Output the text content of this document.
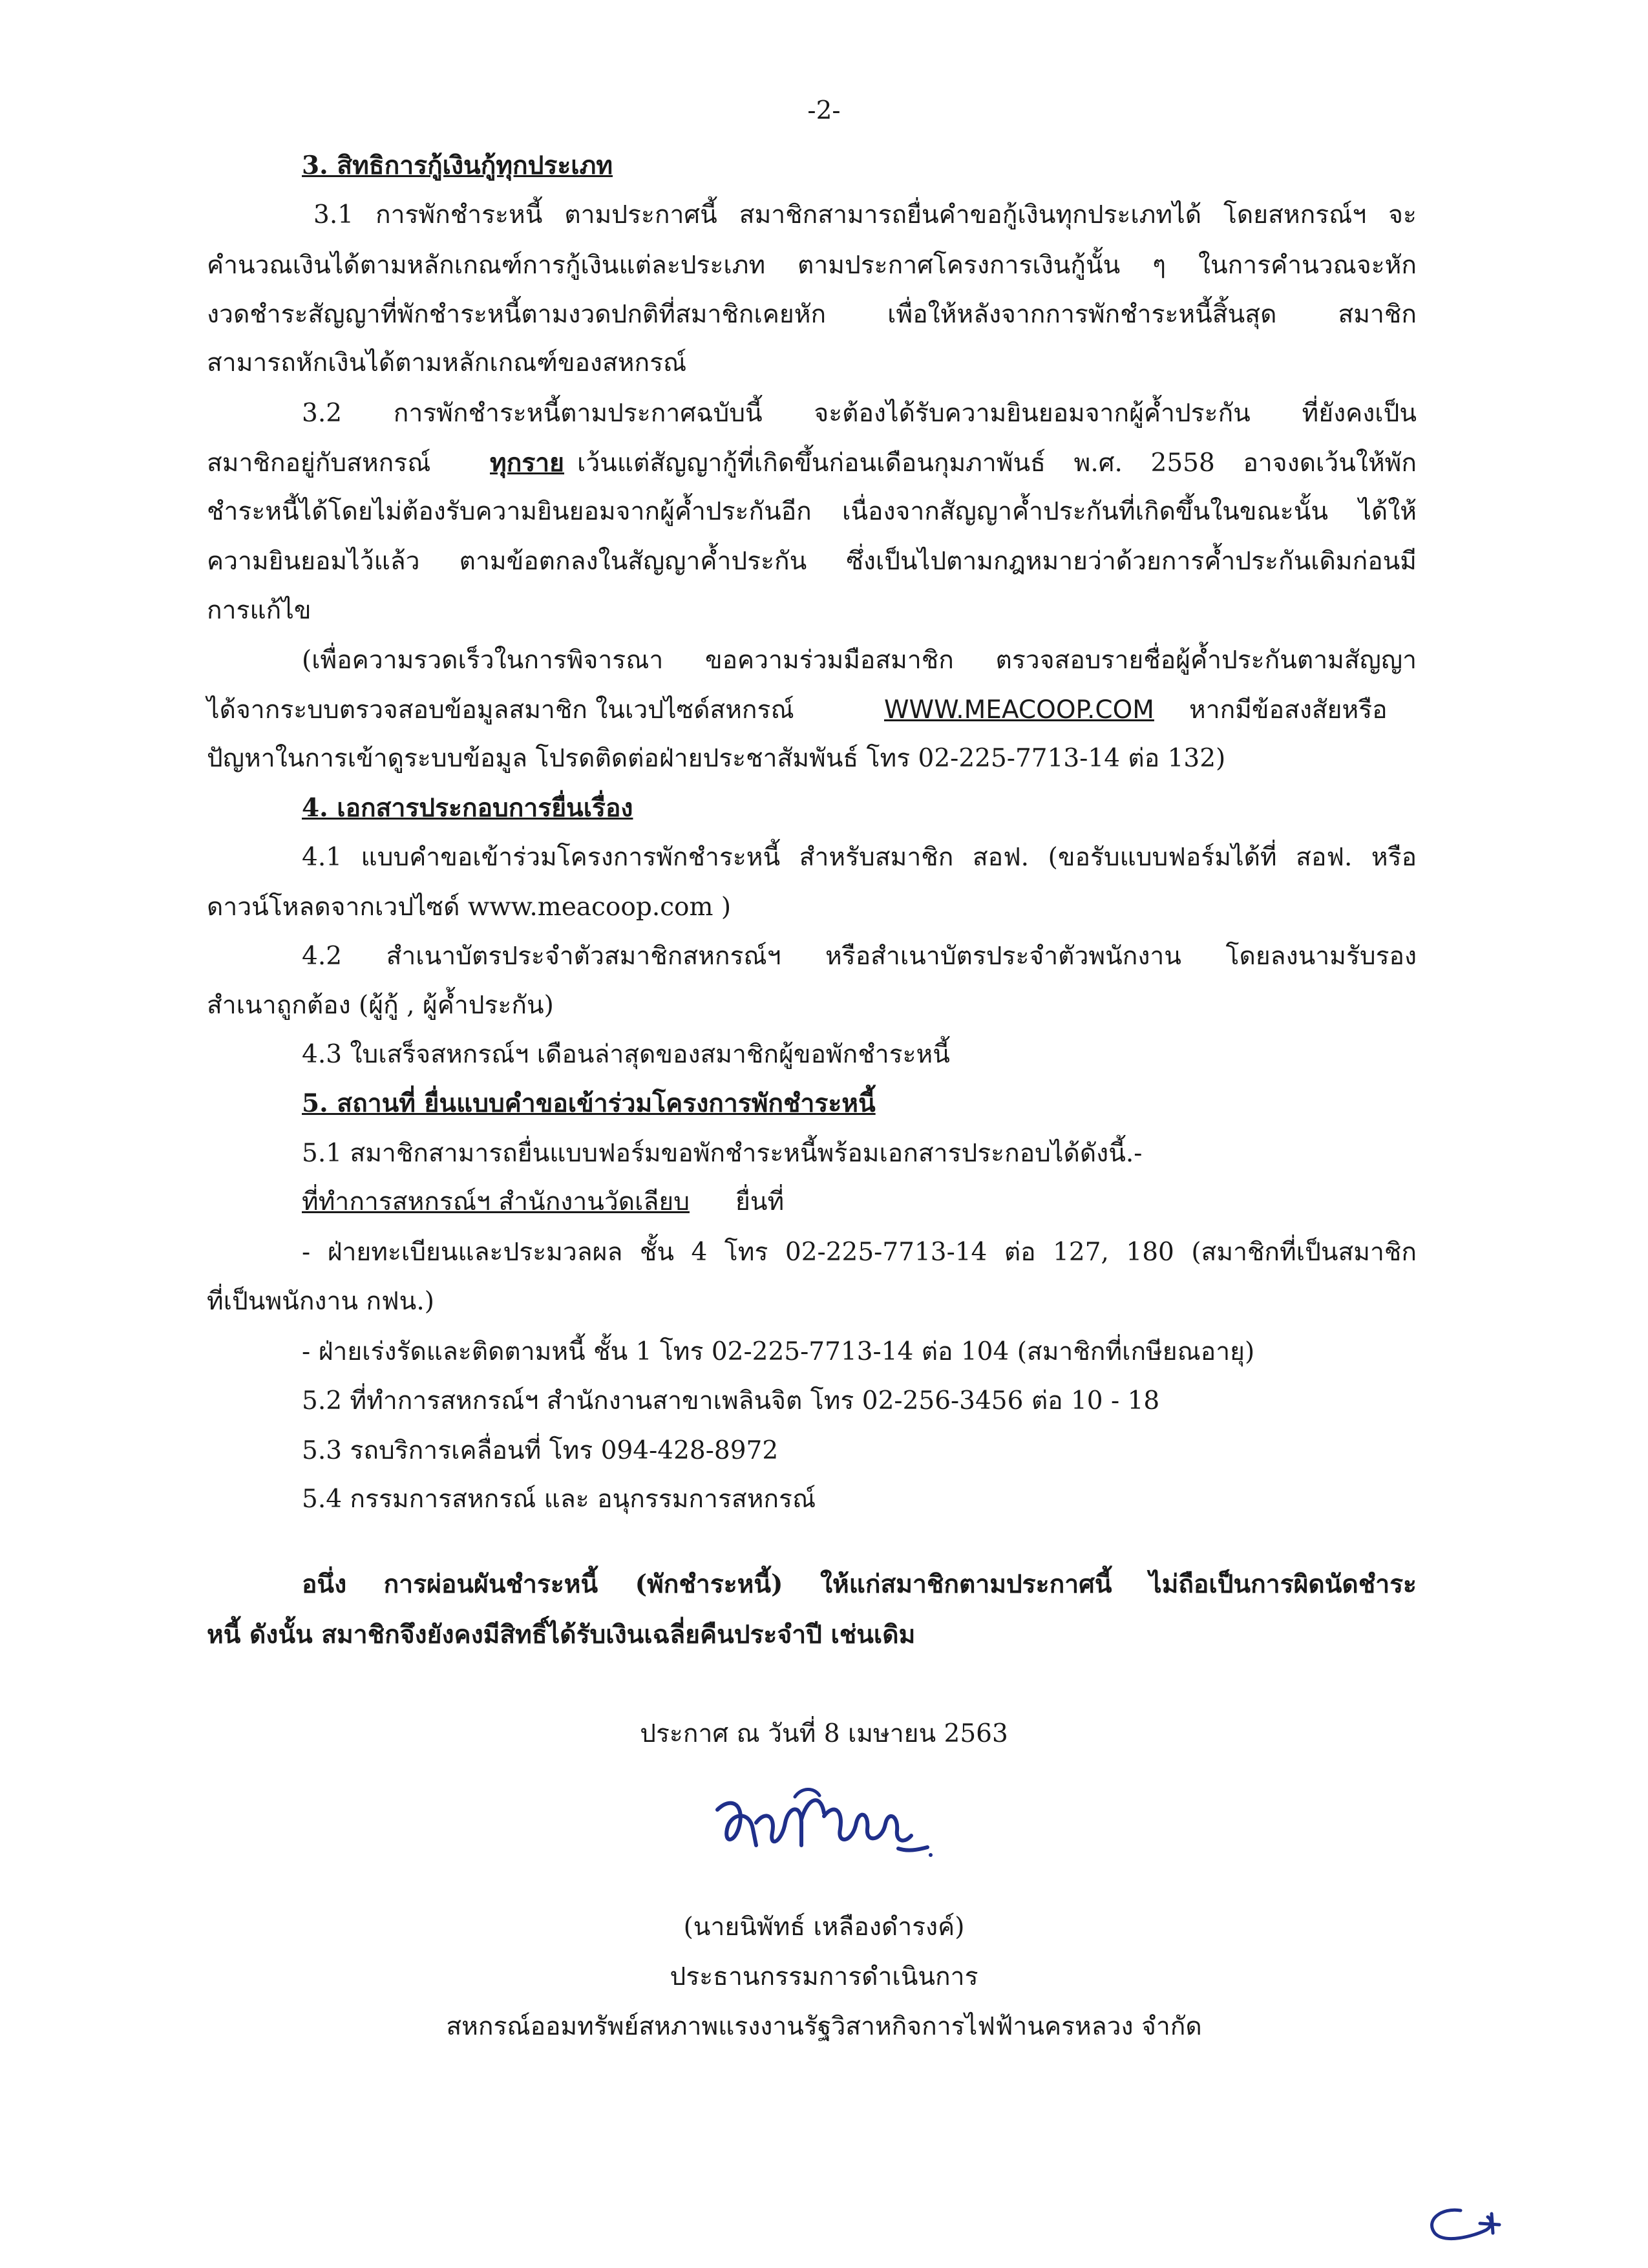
-2-
3. สิทธิการกู้เงินกู้ทุกประเภท
3.1 การพักชำระหนี้ ตามประกาศนี้ สมาชิกสามารถยื่นคำขอกู้เงินทุกประเภทได้ โดยสหกรณ์ฯ จะ
คำนวณเงินได้ตามหลักเกณฑ์การกู้เงินแต่ละประเภท ตามประกาศโครงการเงินกู้นั้น ๆ ในการคำนวณจะหัก
งวดชำระสัญญาที่พักชำระหนี้ตามงวดปกติที่สมาชิกเคยหัก เพื่อให้หลังจากการพักชำระหนี้สิ้นสุด สมาชิก
สามารถหักเงินได้ตามหลักเกณฑ์ของสหกรณ์
3.2 การพักชำระหนี้ตามประกาศฉบับนี้ จะต้องได้รับความยินยอมจากผู้ค้ำประกัน ที่ยังคงเป็น
สมาชิกอยู่กับสหกรณ์ ทุกราย เว้นแต่สัญญากู้ที่เกิดขึ้นก่อนเดือนกุมภาพันธ์ พ.ศ. 2558 อาจงดเว้นให้พัก
ชำระหนี้ได้โดยไม่ต้องรับความยินยอมจากผู้ค้ำประกันอีก เนื่องจากสัญญาค้ำประกันที่เกิดขึ้นในขณะนั้น ได้ให้
ความยินยอมไว้แล้ว ตามข้อตกลงในสัญญาค้ำประกัน ซึ่งเป็นไปตามกฎหมายว่าด้วยการค้ำประกันเดิมก่อนมี
การแก้ไข
(เพื่อความรวดเร็วในการพิจารณา ขอความร่วมมือสมาชิก ตรวจสอบรายชื่อผู้ค้ำประกันตามสัญญา
ได้จากระบบตรวจสอบข้อมูลสมาชิก ในเวปไซด์สหกรณ์	WWW.MEACOOP.COM หากมีข้อสงสัยหรือ
ปัญหาในการเข้าดูระบบข้อมูล โปรดติดต่อฝ่ายประชาสัมพันธ์ โทร 02-225-7713-14 ต่อ 132)
4. เอกสารประกอบการยื่นเรื่อง
4.1 แบบคำขอเข้าร่วมโครงการพักชำระหนี้ สำหรับสมาชิก สอฟ. (ขอรับแบบฟอร์มได้ที่ สอฟ. หรือ
ดาวน์โหลดจากเวปไซด์ www.meacoop.com )
4.2 สำเนาบัตรประจำตัวสมาชิกสหกรณ์ฯ หรือสำเนาบัตรประจำตัวพนักงาน โดยลงนามรับรอง
สำเนาถูกต้อง (ผู้กู้ , ผู้ค้ำประกัน)
4.3 ใบเสร็จสหกรณ์ฯ เดือนล่าสุดของสมาชิกผู้ขอพักชำระหนี้
5. สถานที่ ยื่นแบบคำขอเข้าร่วมโครงการพักชำระหนี้
5.1 สมาชิกสามารถยื่นแบบฟอร์มขอพักชำระหนี้พร้อมเอกสารประกอบได้ดังนี้.-
ที่ทำการสหกรณ์ฯ สำนักงานวัดเลียบ ยื่นที่
- ฝ่ายทะเบียนและประมวลผล ชั้น 4 โทร 02-225-7713-14 ต่อ 127, 180 (สมาชิกที่เป็นสมาชิก
ที่เป็นพนักงาน กฟน.)
- ฝ่ายเร่งรัดและติดตามหนี้ ชั้น 1 โทร 02-225-7713-14 ต่อ 104 (สมาชิกที่เกษียณอายุ)
5.2 ที่ทำการสหกรณ์ฯ สำนักงานสาขาเพลินจิต โทร 02-256-3456 ต่อ 10 - 18
5.3 รถบริการเคลื่อนที่ โทร 094-428-8972
5.4 กรรมการสหกรณ์ และ อนุกรรมการสหกรณ์
อนึ่ง การผ่อนผันชำระหนี้ (พักชำระหนี้) ให้แก่สมาชิกตามประกาศนี้ ไม่ถือเป็นการผิดนัดชำระ
หนี้ ดังนั้น สมาชิกจึงยังคงมีสิทธิ์ได้รับเงินเฉลี่ยคืนประจำปี เช่นเดิม
ประกาศ ณ วันที่ 8 เมษายน 2563
(นายนิพัทธ์ เหลืองดำรงค์)
ประธานกรรมการดำเนินการ
สหกรณ์ออมทรัพย์สหภาพแรงงานรัฐวิสาหกิจการไฟฟ้านครหลวง จำกัด
